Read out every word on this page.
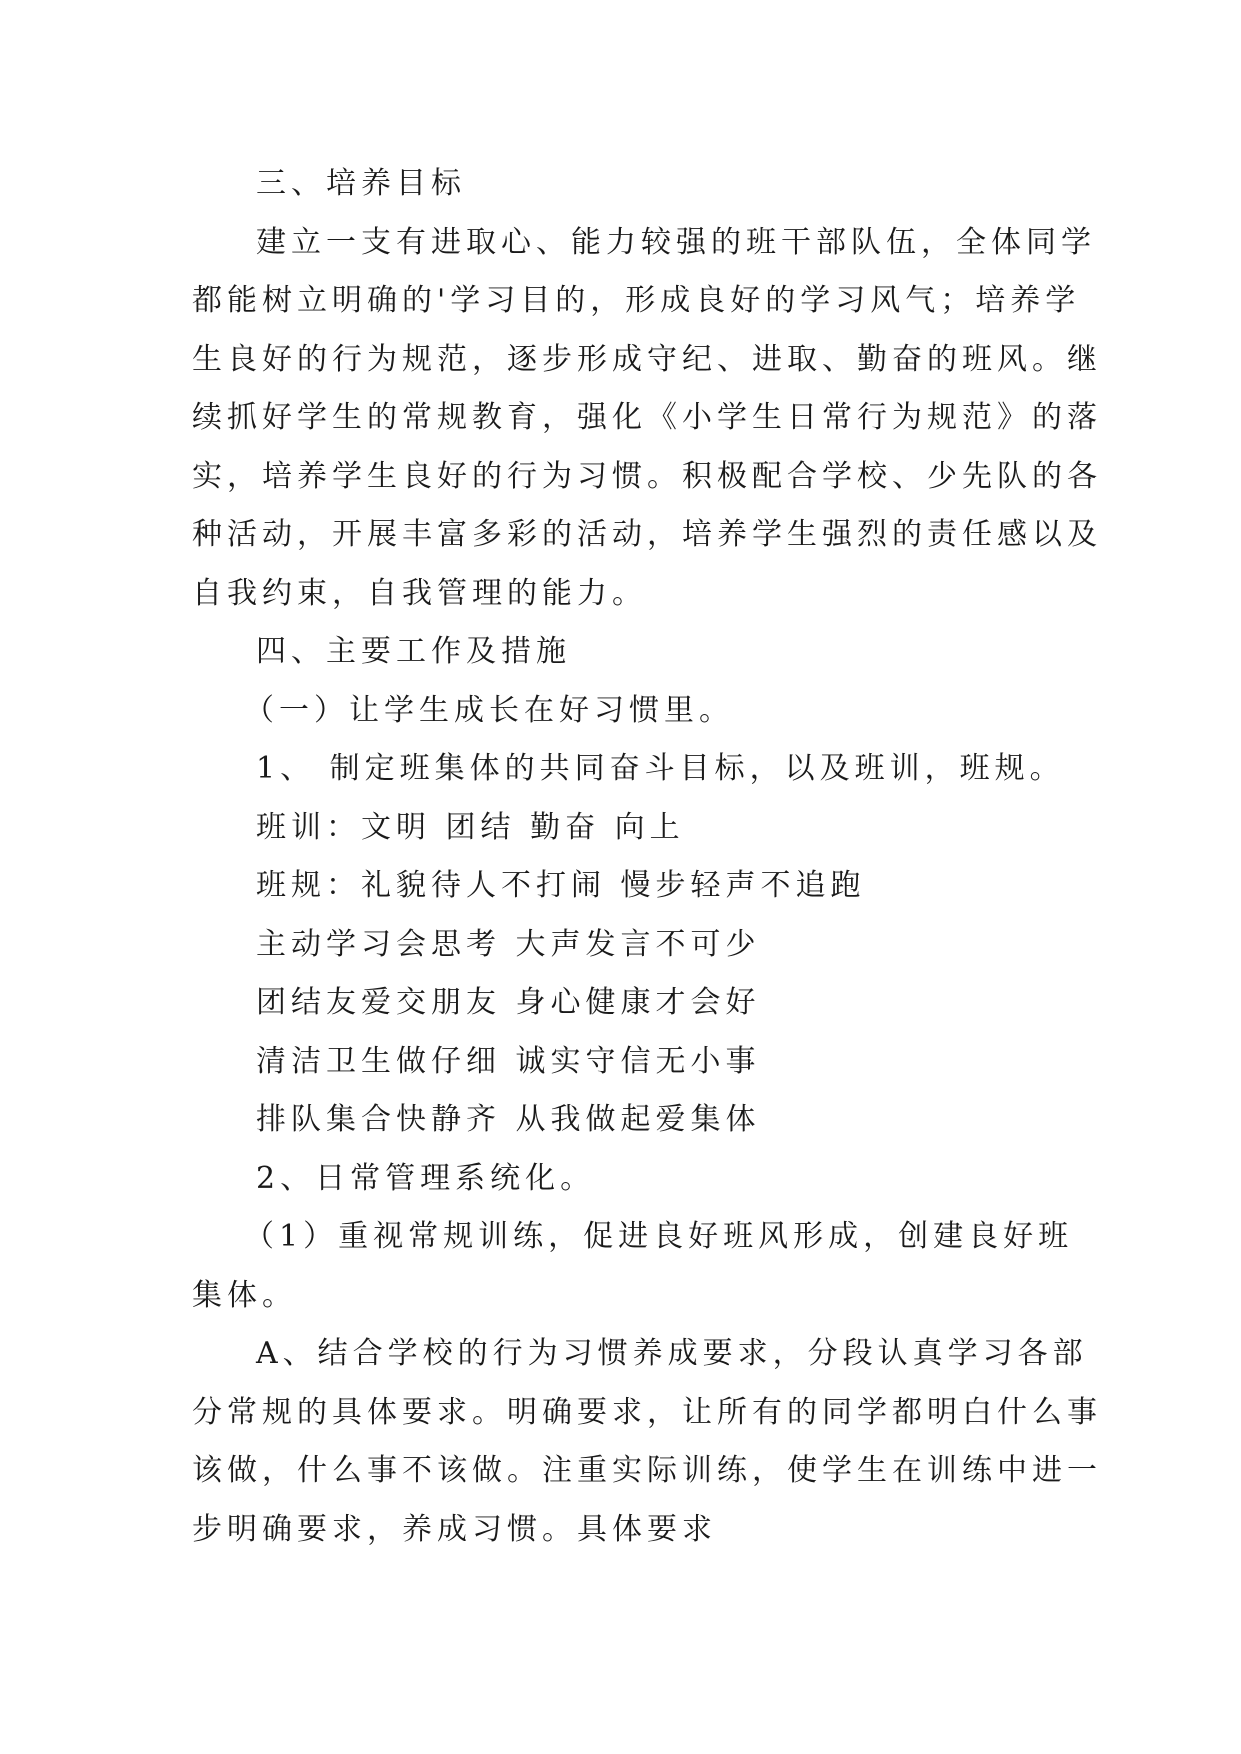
三、培养目标

建立一支有进取心、能力较强的班干部队伍，全体同学

都能树立明确的'学习目的，形成良好的学习风气；培养学

生良好的行为规范，逐步形成守纪、进取、勤奋的班风。继

续抓好学生的常规教育，强化《小学生日常行为规范》的落

实，培养学生良好的行为习惯。积极配合学校、少先队的各

种活动，开展丰富多彩的活动，培养学生强烈的责任感以及

自我约束，自我管理的能力。

四、主要工作及措施

（一）让学生成长在好习惯里。

1、 制定班集体的共同奋斗目标，以及班训，班规。

班训：文明 团结 勤奋 向上

班规：礼貌待人不打闹 慢步轻声不追跑

主动学习会思考 大声发言不可少

团结友爱交朋友 身心健康才会好

清洁卫生做仔细 诚实守信无小事

排队集合快静齐 从我做起爱集体

2、日常管理系统化。

（1）重视常规训练，促进良好班风形成，创建良好班

集体。

A、结合学校的行为习惯养成要求，分段认真学习各部

分常规的具体要求。明确要求，让所有的同学都明白什么事

该做，什么事不该做。注重实际训练，使学生在训练中进一

步明确要求，养成习惯。具体要求
